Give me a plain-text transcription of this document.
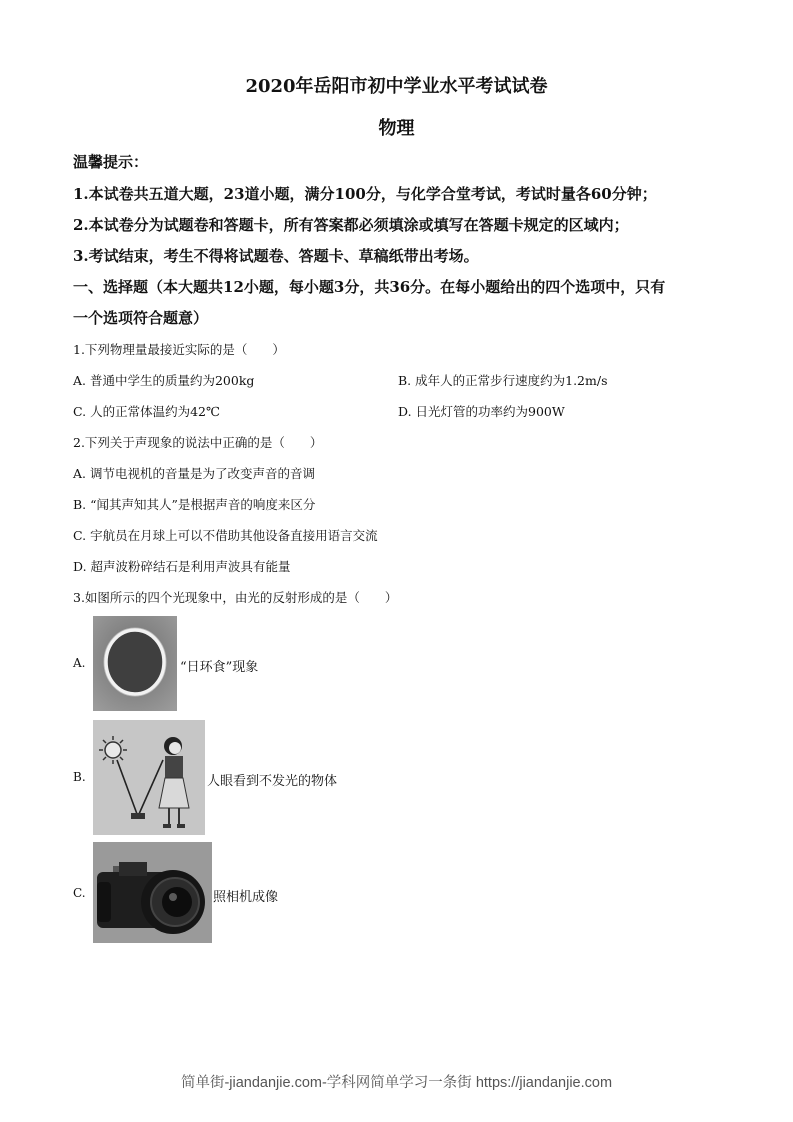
2020年岳阳市初中学业水平考试试卷
物理
温馨提示：
1.本试卷共五道大题，23道小题，满分100分，与化学合堂考试，考试时量各60分钟；
2.本试卷分为试题卷和答题卡，所有答案都必须填涂或填写在答题卡规定的区域内；
3.考试结束，考生不得将试题卷、答题卡、草稿纸带出考场。
一、选择题（本大题共12小题，每小题3分，共36分。在每小题给出的四个选项中，只有
一个选项符合题意）
1.下列物理量最接近实际的是（　　）
A. 普通中学生的质量约为200kg	B. 成年人的正常步行速度约为1.2m/s
C. 人的正常体温约为42℃	D. 日光灯管的功率约为900W
2.下列关于声现象的说法中正确的是（　　）
A. 调节电视机的音量是为了改变声音的音调
B. “闻其声知其人”是根据声音的响度来区分
C. 宇航员在月球上可以不借助其他设备直接用语言交流
D. 超声波粉碎结石是利用声波具有能量
3.如图所示的四个光现象中，由光的反射形成的是（　　）
A.	“日环食”现象
B.	人眼看到不发光的物体
C.	照相机成像
简单街-jiandanjie.com-学科网简单学习一条街 https://jiandanjie.com
